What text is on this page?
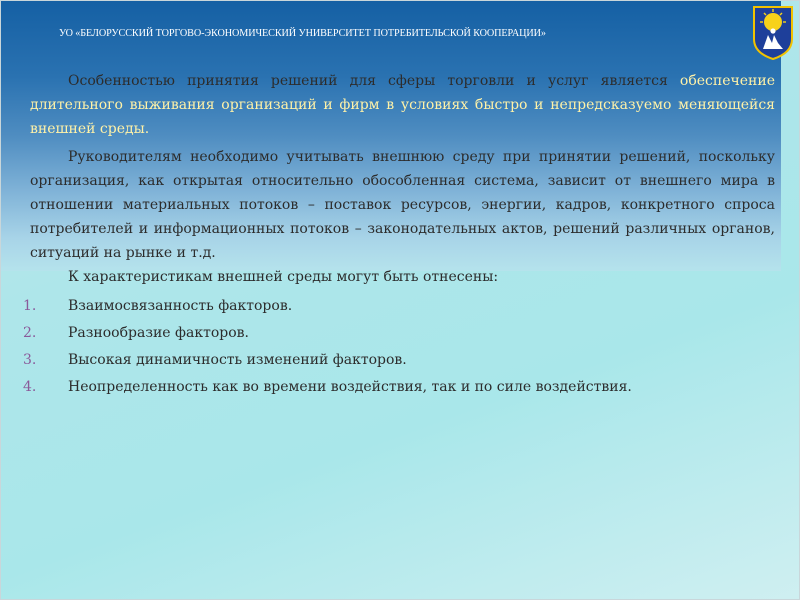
УО «БЕЛОРУССКИЙ ТОРГОВО-ЭКОНОМИЧЕСКИЙ УНИВЕРСИТЕТ ПОТРЕБИТЕЛЬСКОЙ КООПЕРАЦИИ»

Особенностью принятия решений для сферы торговли и услуг является обеспечение длительного выживания организаций и фирм в условиях быстро и непредсказуемо меняющейся внешней среды.

Руководителям необходимо учитывать внешнюю среду при принятии решений, поскольку организация, как открытая относительно обособленная система, зависит от внешнего мира в отношении материальных потоков – поставок ресурсов, энергии, кадров, конкретного спроса потребителей и информационных потоков – законодательных актов, решений различных органов, ситуаций на рынке и т.д.

К характеристикам внешней среды могут быть отнесены:

1. Взаимосвязанность факторов.
2. Разнообразие факторов.
3. Высокая динамичность изменений факторов.
4. Неопределенность как во времени воздействия, так и по силе воздействия.
